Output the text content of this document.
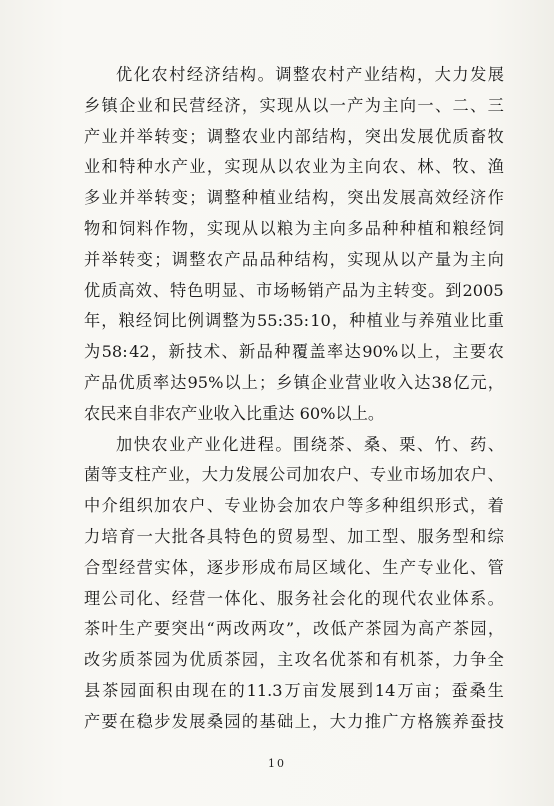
优 化 农 村 经 济 结 构 。 调 整 农 村 产 业 结 构 ， 大 力 发 展
乡 镇 企 业 和 民 营 经 济 ， 实 现 从 以 一 产 为 主 向 一 、 二 、 三
产 业 并 举 转 变 ； 调 整 农 业 内 部 结 构 ， 突 出 发 展 优 质 畜 牧
业 和 特 种 水 产 业 ， 实 现 从 以 农 业 为 主 向 农 、 林 、 牧 、 渔
多 业 并 举 转 变 ； 调 整 种 植 业 结 构 ， 突 出 发 展 高 效 经 济 作
物 和 饲 料 作 物 ， 实 现 从 以 粮 为 主 向 多 品 种 种 植 和 粮 经 饲
并 举 转 变 ； 调 整 农 产 品 品 种 结 构 ， 实 现 从 以 产 量 为 主 向
优 质 高 效 、 特 色 明 显 、 市 场 畅 销 产 品 为 主 转 变 。 到 2005
年 ， 粮 经 饲 比 例 调 整 为 55:35: 10 ， 种 植 业 与 养 殖 业 比 重
为 58: 42 ， 新 技 术 、 新 品 种 覆 盖 率 达 90% 以 上 ， 主 要 农
产 品 优 质 率 达 95% 以 上 ； 乡 镇 企 业 营 业 收 入 达 38 亿 元 ，
农民来自非农产业收入比重达 60%以上。
加 快 农 业 产 业 化 进 程 。 围 绕 茶 、 桑 、 栗 、 竹 、 药 、
菌 等 支 柱 产 业 ， 大 力 发 展 公 司 加 农 户 、 专 业 市 场 加 农 户 、
中 介 组 织 加 农 户 、 专 业 协 会 加 农 户 等 多 种 组 织 形 式 ， 着
力 培 育 一 大 批 各 具 特 色 的 贸 易 型 、 加 工 型 、 服 务 型 和 综
合 型 经 营 实 体 ， 逐 步 形 成 布 局 区 域 化 、 生 产 专 业 化 、 管
理 公 司 化 、 经 营 一 体 化 、 服 务 社 会 化 的 现 代 农 业 体 系 。
茶 叶 生 产 要 突 出 “ 两 改 两 攻 ” ， 改 低 产 茶 园 为 高 产 茶 园 ，
改 劣 质 茶 园 为 优 质 茶 园 ， 主 攻 名 优 茶 和 有 机 茶 ， 力 争 全
县 茶 园 面 积 由 现 在 的 11.3 万 亩 发 展 到 14 万 亩 ； 蚕 桑 生
产 要 在 稳 步 发 展 桑 园 的 基 础 上 ， 大 力 推 广 方 格 簇 养 蚕 技
10
